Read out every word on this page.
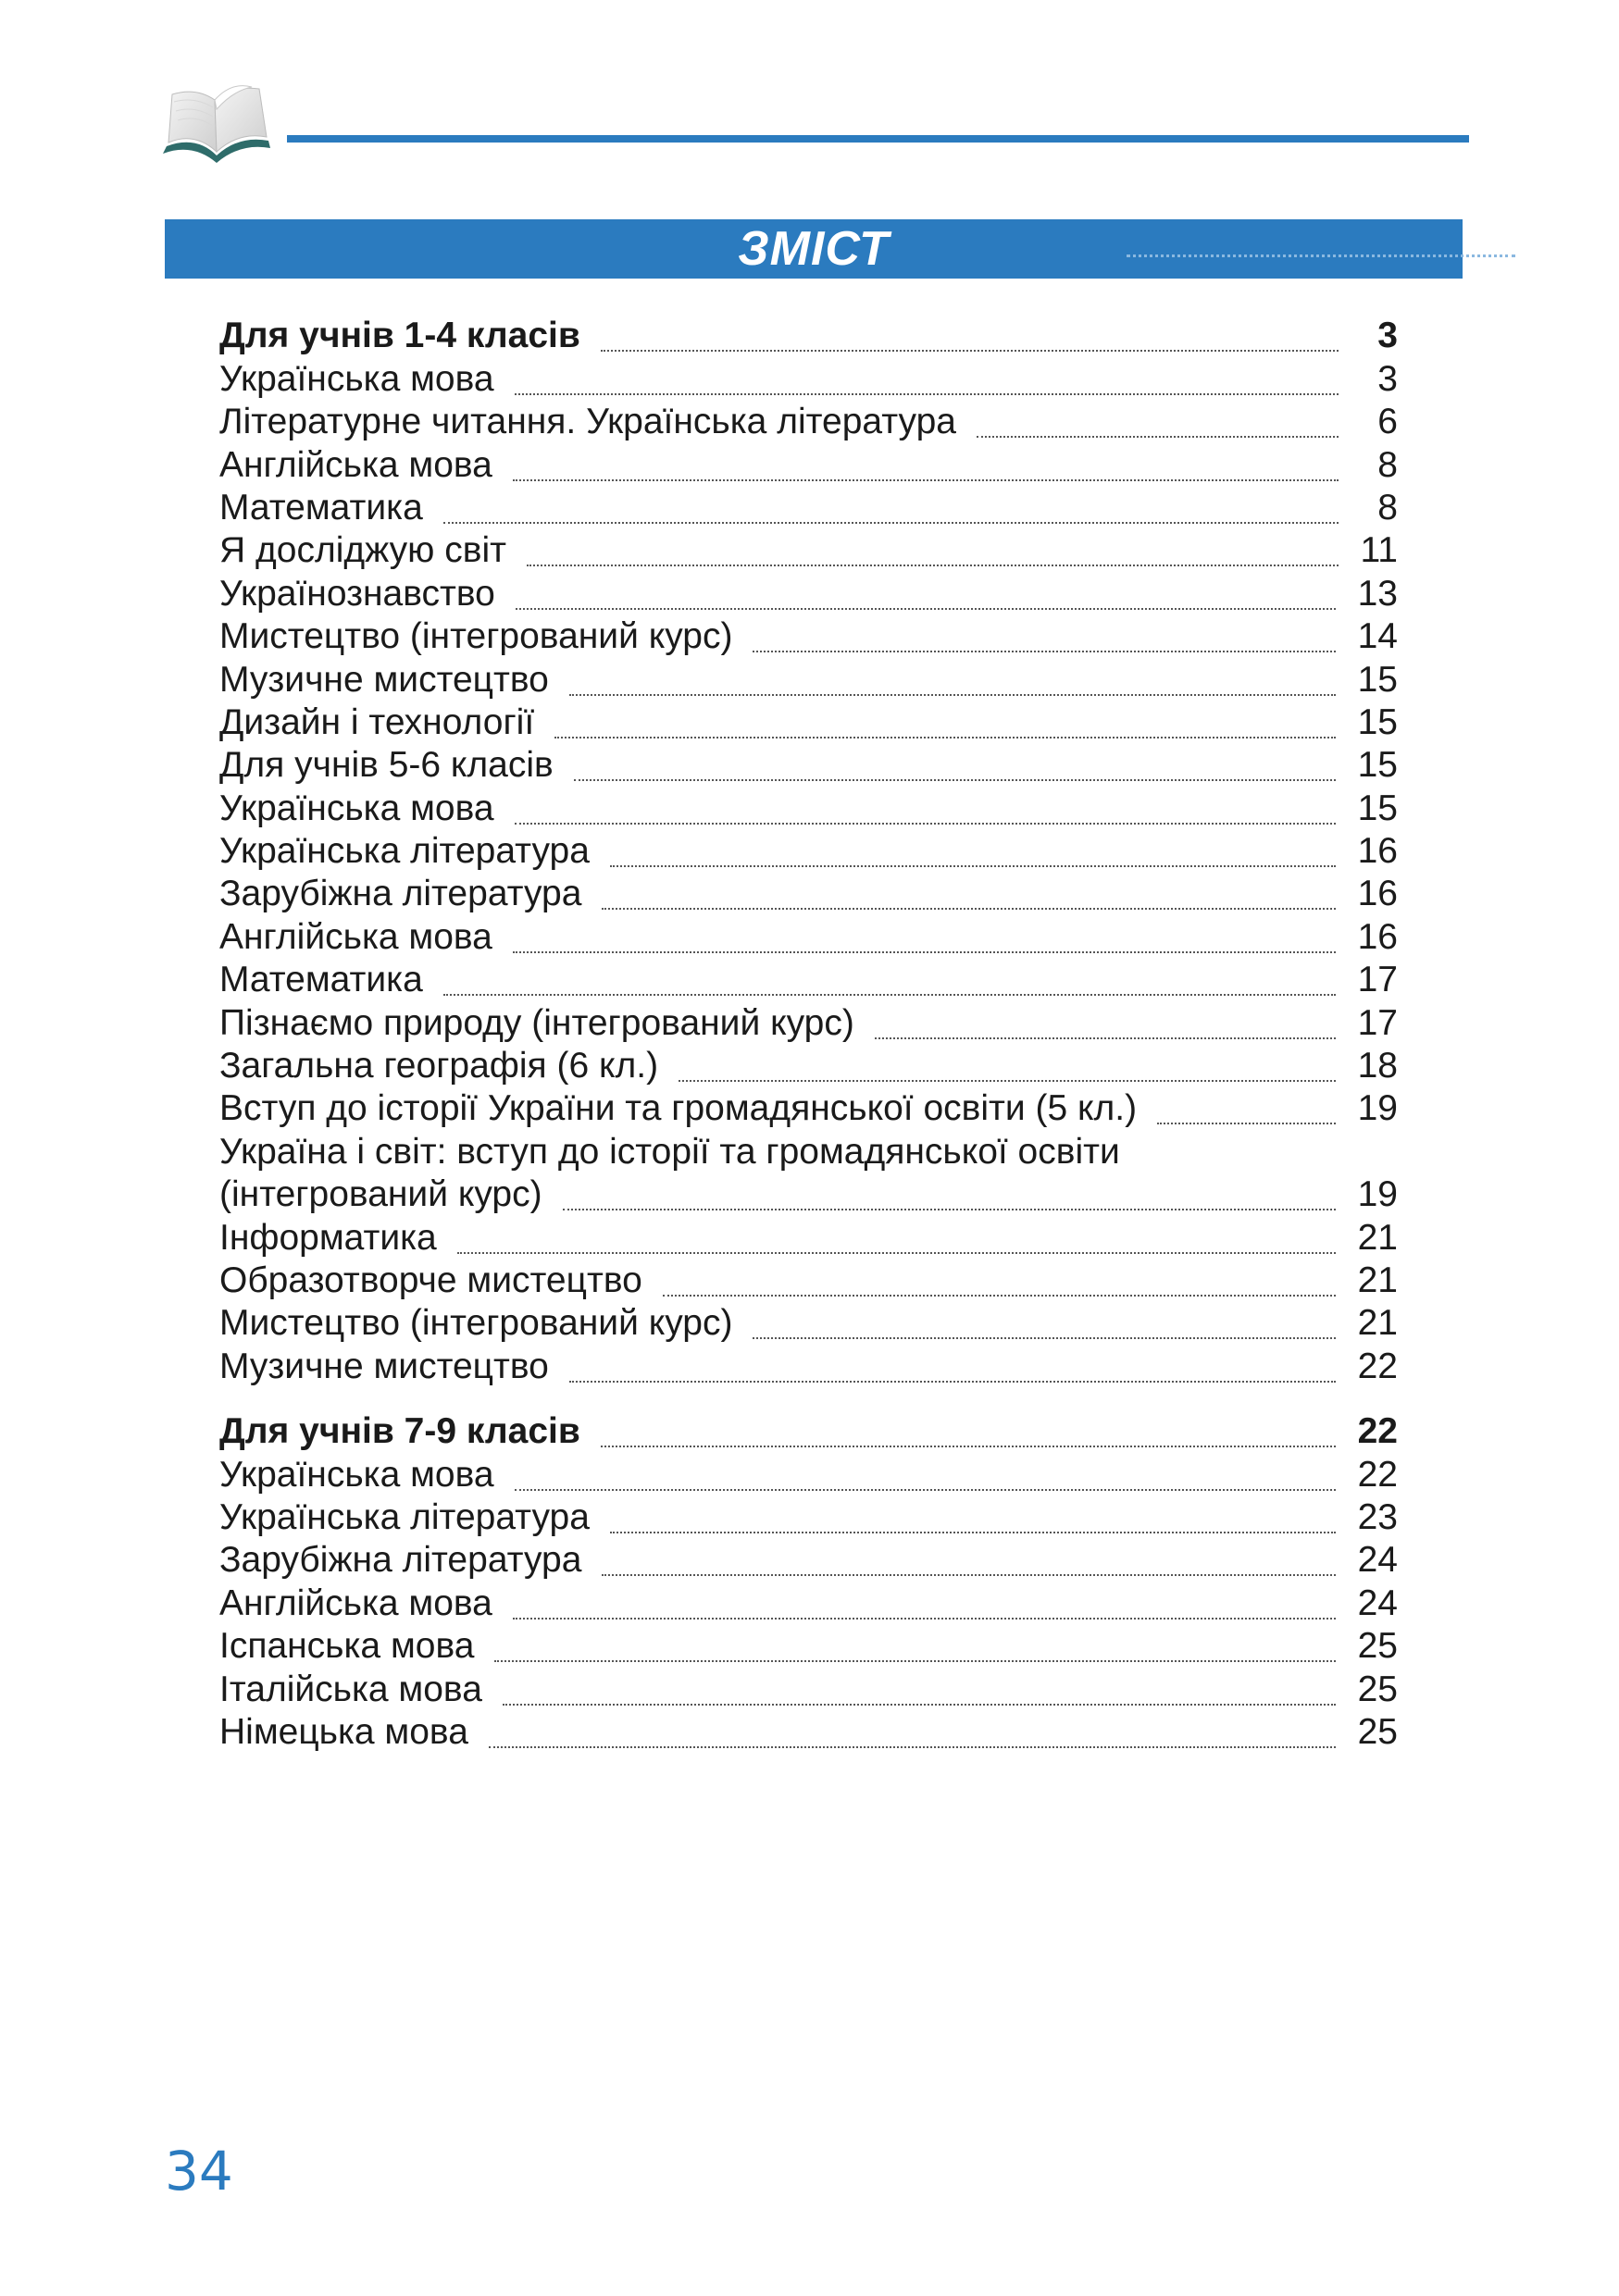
ЗМІСТ
Для учнів 1-4 класів	3
Українська мова	3
Літературне читання. Українська література	6
Англійська мова	8
Математика	8
Я досліджую світ	11
Українознавство	13
Мистецтво (інтегрований курс)	14
Музичне мистецтво	15
Дизайн і технології	15
Для учнів 5-6 класів	15
Українська мова	15
Українська література	16
Зарубіжна література	16
Англійська мова	16
Математика	17
Пізнаємо природу (інтегрований курс)	17
Загальна географія (6 кл.)	18
Вступ до історії України та громадянської освіти (5 кл.)	19
Україна і світ: вступ до історії та громадянської освіти
(інтегрований курс)	19
Інформатика	21
Образотворче мистецтво	21
Мистецтво (інтегрований курс)	21
Музичне мистецтво	22
Для учнів 7-9 класів	22
Українська мова	22
Українська література	23
Зарубіжна література	24
Англійська мова	24
Іспанська мова	25
Італійська мова	25
Німецька мова	25
34
